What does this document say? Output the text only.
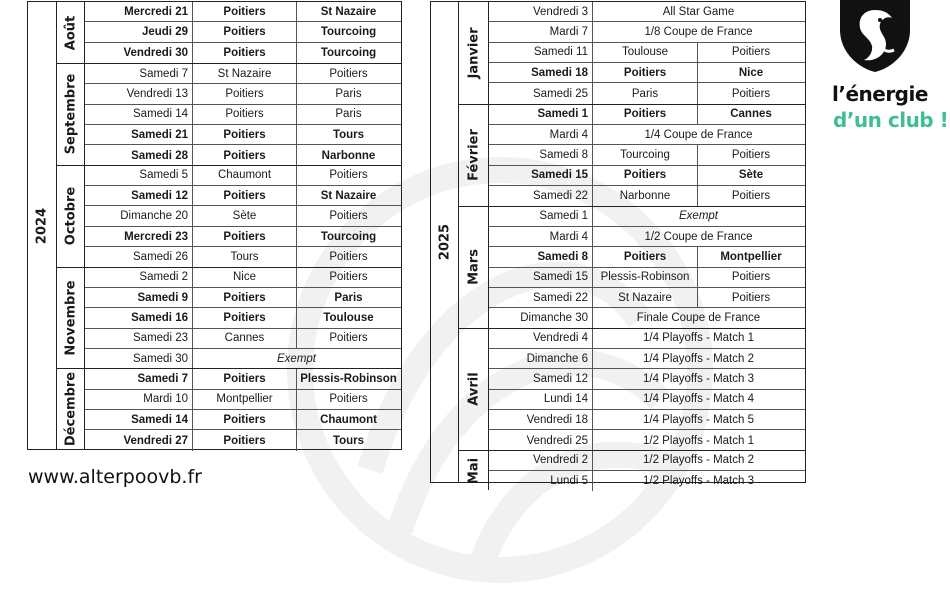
2024
Août
Mercredi 21	Poitiers	St Nazaire
Jeudi 29	Poitiers	Tourcoing
Vendredi 30	Poitiers	Tourcoing
Septembre
Samedi 7	St Nazaire	Poitiers
Vendredi 13	Poitiers	Paris
Samedi 14	Poitiers	Paris
Samedi 21	Poitiers	Tours
Samedi 28	Poitiers	Narbonne
Octobre
Samedi 5	Chaumont	Poitiers
Samedi 12	Poitiers	St Nazaire
Dimanche 20	Sète	Poitiers
Mercredi 23	Poitiers	Tourcoing
Samedi 26	Tours	Poitiers
Novembre
Samedi 2	Nice	Poitiers
Samedi 9	Poitiers	Paris
Samedi 16	Poitiers	Toulouse
Samedi 23	Cannes	Poitiers
Samedi 30	Exempt
Décembre	Samedi 7	Poitiers	Plessis-Robinson
Mardi 10	Montpellier	Poitiers
Samedi 14	Poitiers	Chaumont
Vendredi 27	Poitiers	Tours
2025
Janvier
Vendredi 3	All Star Game
Mardi 7	1/8 Coupe de France
Samedi 11	Toulouse	Poitiers
Samedi 18	Poitiers	Nice
Samedi 25	Paris	Poitiers
Février
Samedi 1	Poitiers	Cannes
Mardi 4	1/4 Coupe de France
Samedi 8	Tourcoing	Poitiers
Samedi 15	Poitiers	Sète
Samedi 22	Narbonne	Poitiers
Mars
Samedi 1	Exempt
Mardi 4	1/2 Coupe de France
Samedi 8	Poitiers	Montpellier
Samedi 15	Plessis-Robinson	Poitiers
Samedi 22	St Nazaire	Poitiers
Dimanche 30	Finale Coupe de France
Avril
Vendredi 4	1/4 Playoffs - Match 1
Dimanche 6	1/4 Playoffs - Match 2
Samedi 12	1/4 Playoffs - Match 3
Lundi 14	1/4 Playoffs - Match 4
Vendredi 18	1/4 Playoffs - Match 5
Vendredi 25	1/2 Playoffs - Match 1
Mai	Vendredi 2	1/2 Playoffs - Match 2
Lundi 5	1/2 Playoffs - Match 3
l’énergie
d’un club !
www.alterpoovb.fr
